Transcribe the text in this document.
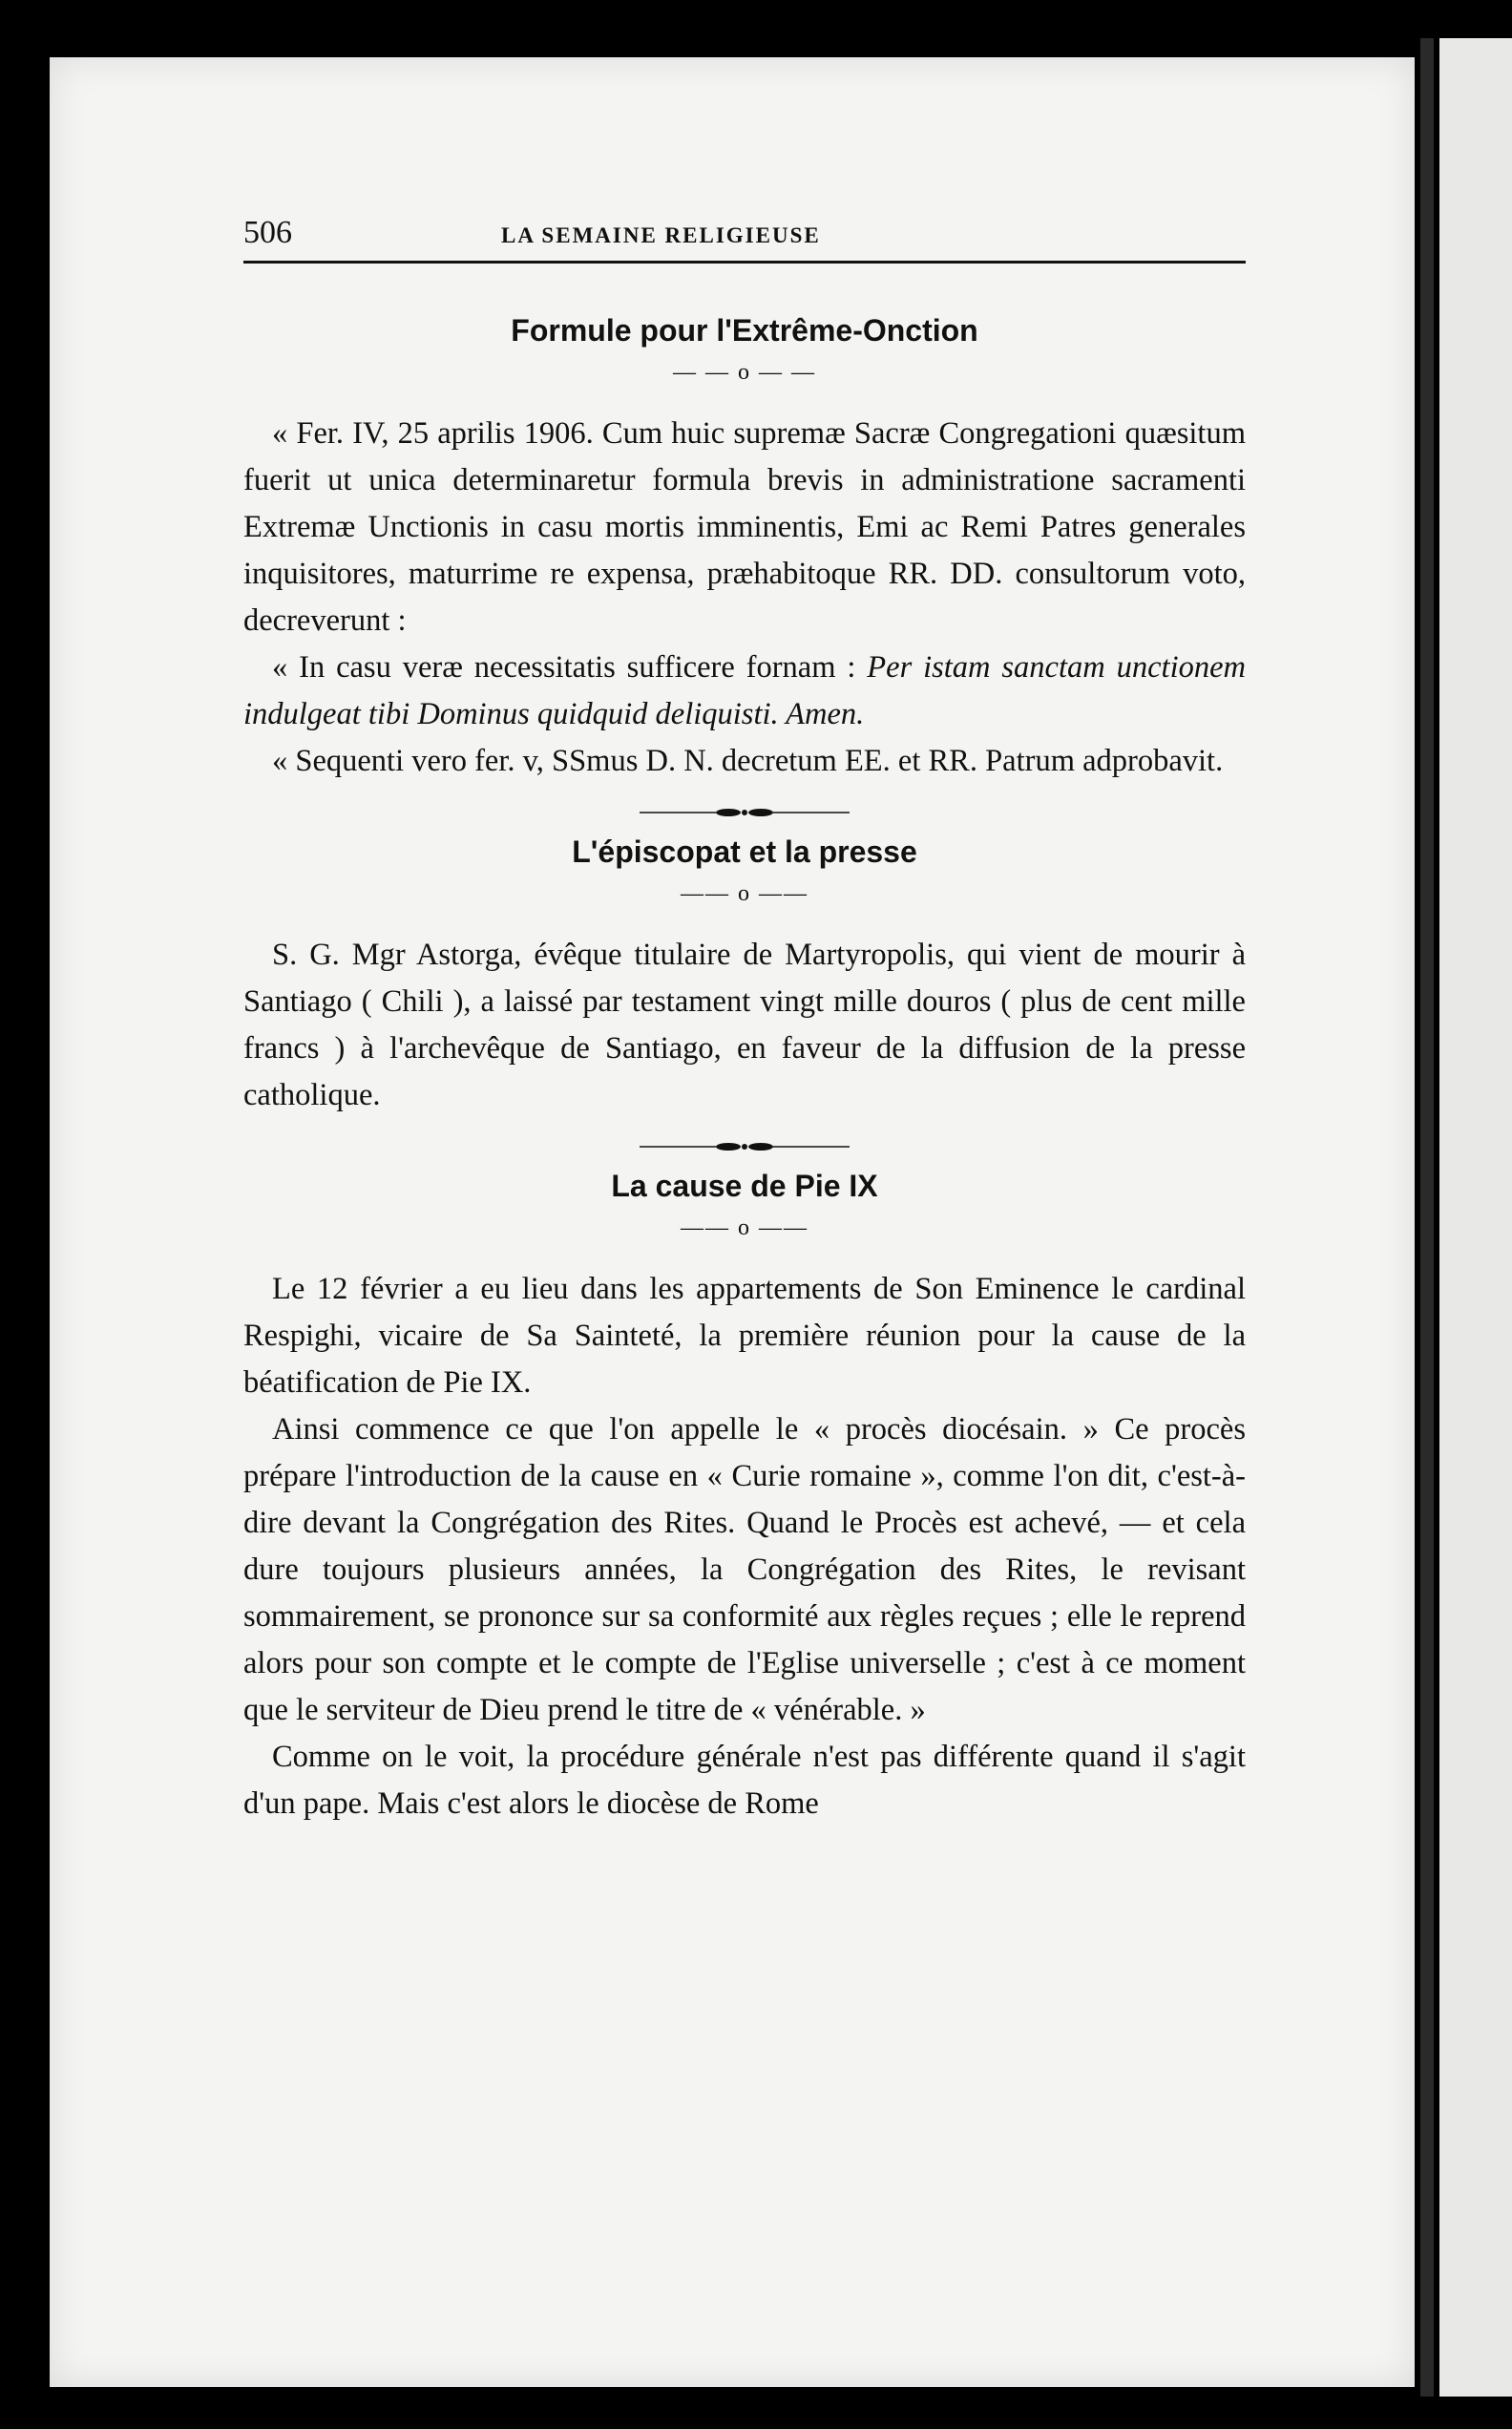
506	LA SEMAINE RELIGIEUSE
Formule pour l'Extrême-Onction
— — o — —

« Fer. IV, 25 aprilis 1906. Cum huic supremæ Sacræ Congregationi quæsitum fuerit ut unica determinaretur formula brevis in administratione sacramenti Extremæ Unctionis in casu mortis imminentis, Emi ac Remi Patres generales inquisitores, maturrime re expensa, præhabitoque RR. DD. consultorum voto, decreverunt :

« In casu veræ necessitatis sufficere fornam : Per istam sanctam unctionem indulgeat tibi Dominus quidquid deliquisti. Amen.

« Sequenti vero fer. v, SSmus D. N. decretum EE. et RR. Patrum adprobavit.

L'épiscopat et la presse
—— o ——

S. G. Mgr Astorga, évêque titulaire de Martyropolis, qui vient de mourir à Santiago ( Chili ), a laissé par testament vingt mille douros ( plus de cent mille francs ) à l'archevêque de Santiago, en faveur de la diffusion de la presse catholique.

La cause de Pie IX
—— o ——

Le 12 février a eu lieu dans les appartements de Son Eminence le cardinal Respighi, vicaire de Sa Sainteté, la première réunion pour la cause de la béatification de Pie IX.

Ainsi commence ce que l'on appelle le « procès diocésain. » Ce procès prépare l'introduction de la cause en « Curie romaine », comme l'on dit, c'est-à-dire devant la Congrégation des Rites. Quand le Procès est achevé, — et cela dure toujours plusieurs années, la Congrégation des Rites, le revisant sommairement, se prononce sur sa conformité aux règles reçues ; elle le reprend alors pour son compte et le compte de l'Eglise universelle ; c'est à ce moment que le serviteur de Dieu prend le titre de « vénérable. »

Comme on le voit, la procédure générale n'est pas différente quand il s'agit d'un pape. Mais c'est alors le diocèse de Rome
